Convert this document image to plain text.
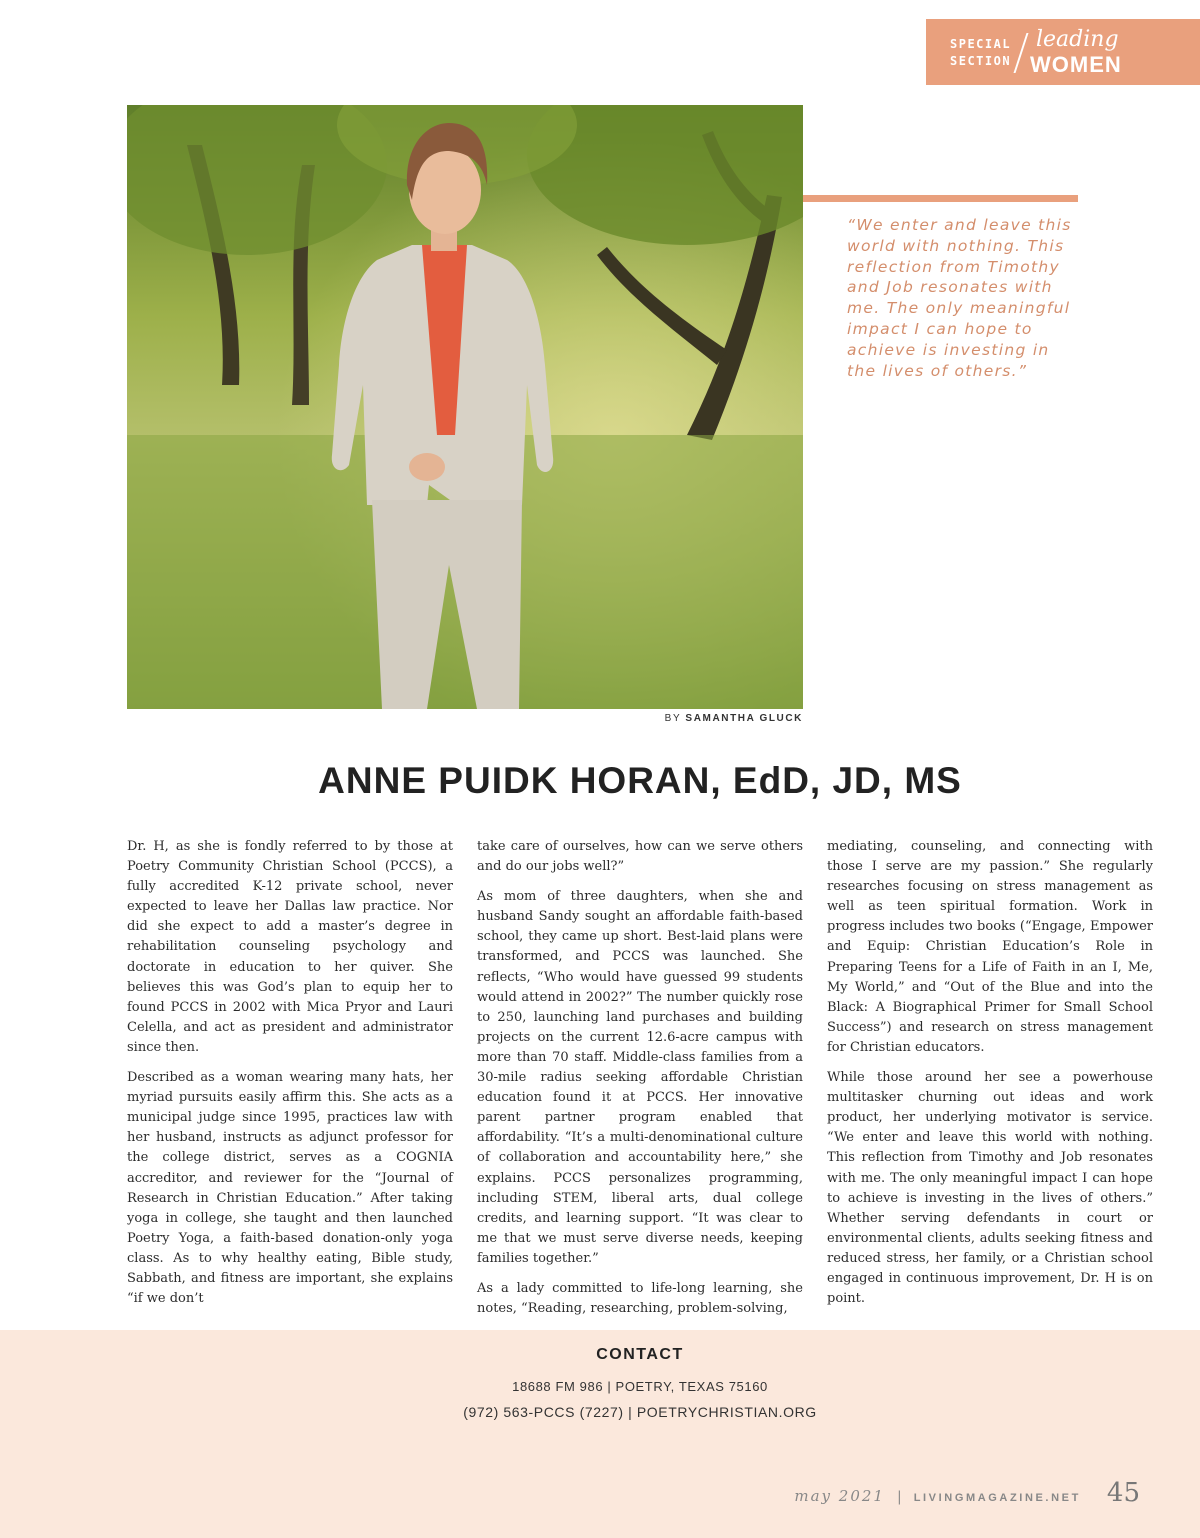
SPECIAL
SECTION
leading
WOMEN
BY SAMANTHA GLUCK
“We enter and leave this world with nothing. This reflection from Timothy and Job resonates with me. The only meaningful impact I can hope to achieve is investing in the lives of others.”
ANNE PUIDK HORAN, EdD, JD, MS

Dr. H, as she is fondly referred to by those at Poetry Community Christian School (PCCS), a fully accredited K-12 private school, never expected to leave her Dallas law practice. Nor did she expect to add a master’s degree in rehabilitation counseling psychology and doctorate in education to her quiver. She believes this was God’s plan to equip her to found PCCS in 2002 with Mica Pryor and Lauri Celella, and act as president and administrator since then.

Described as a woman wearing many hats, her myriad pursuits easily affirm this. She acts as a municipal judge since 1995, practices law with her husband, instructs as adjunct professor for the college district, serves as a COGNIA accreditor, and reviewer for the “Journal of Research in Christian Education.” After taking yoga in college, she taught and then launched Poetry Yoga, a faith-based donation-only yoga class. As to why healthy eating, Bible study, Sabbath, and fitness are important, she explains “if we don’t

take care of ourselves, how can we serve others and do our jobs well?”

As mom of three daughters, when she and husband Sandy sought an affordable faith-based school, they came up short. Best-laid plans were transformed, and PCCS was launched. She reflects, “Who would have guessed 99 students would attend in 2002?” The number quickly rose to 250, launching land purchases and building projects on the current 12.6-acre campus with more than 70 staff. Middle-class families from a 30-mile radius seeking affordable Christian education found it at PCCS. Her innovative parent partner program enabled that affordability. “It’s a multi-denominational culture of collaboration and accountability here,” she explains. PCCS personalizes programming, including STEM, liberal arts, dual college credits, and learning support. “It was clear to me that we must serve diverse needs, keeping families together.”

As a lady committed to life-long learning, she notes, “Reading, researching, problem-solving,

mediating, counseling, and connecting with those I serve are my passion.” She regularly researches focusing on stress management as well as teen spiritual formation. Work in progress includes two books (“Engage, Empower and Equip: Christian Education’s Role in Preparing Teens for a Life of Faith in an I, Me, My World,” and “Out of the Blue and into the Black: A Biographical Primer for Small School Success”) and research on stress management for Christian educators.

While those around her see a powerhouse multitasker churning out ideas and work product, her underlying motivator is service. “We enter and leave this world with nothing. This reflection from Timothy and Job resonates with me. The only meaningful impact I can hope to achieve is investing in the lives of others.” Whether serving defendants in court or environmental clients, adults seeking fitness and reduced stress, her family, or a Christian school engaged in continuous improvement, Dr. H is on point.

CONTACT
18688 FM 986 | POETRY, TEXAS 75160
(972) 563-PCCS (7227) | POETRYCHRISTIAN.ORG
may 2021 | LIVINGMAGAZINE.NET 45
